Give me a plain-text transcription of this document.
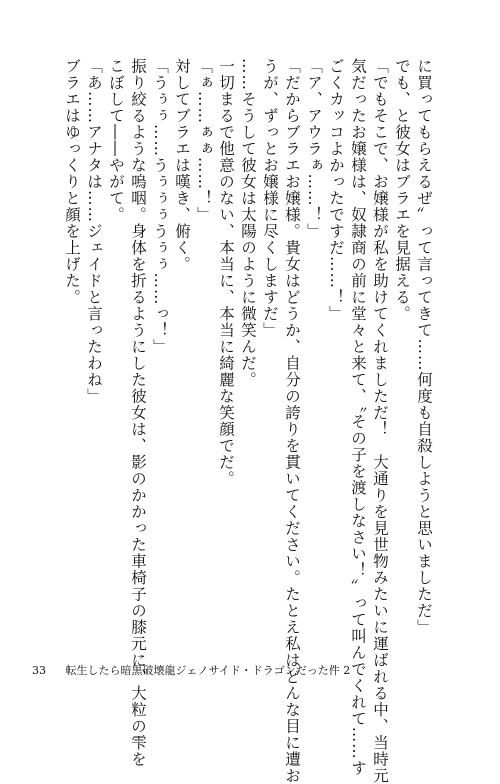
に買ってもらえるぜ〟って言ってきて……何度も自殺しようと思いましただ」
でも、と彼女はブラエを見据える。
「でもそこで、お嬢様が私を助けてくれましただ！　大通りを見世物みたいに運ばれる中、当時元
気だったお嬢様は、奴隷商の前に堂々と来て、〝その子を渡しなさい！〟って叫んでくれて……す
ごくカッコよかったですだ……！」
「ア、アウラぁ……！」
「だからブラエお嬢様。貴女はどうか、自分の誇りを貫いてください。たとえ私はどんな目に遭お
うが、ずっとお嬢様に尽くしますだ」
……そうして彼女は太陽のように微笑んだ。
一切まるで他意のない、本当に、本当に綺麗な笑顔でだ。
「ぁ……ぁぁ……！」
対してブラエは嘆き、俯く。
「うぅぅ……うぅぅぅうぅぅ……っ！」
振り絞るような嗚咽。身体を折るようにした彼女は、影のかかった車椅子の膝元に、大粒の雫を
こぼして――やがて。
「あ……アナタは……ジェイドと言ったわね」
ブラエはゆっくりと顔を上げた。
33 転生したら暗黒破壊龍ジェノサイド・ドラゴンだった件 2
